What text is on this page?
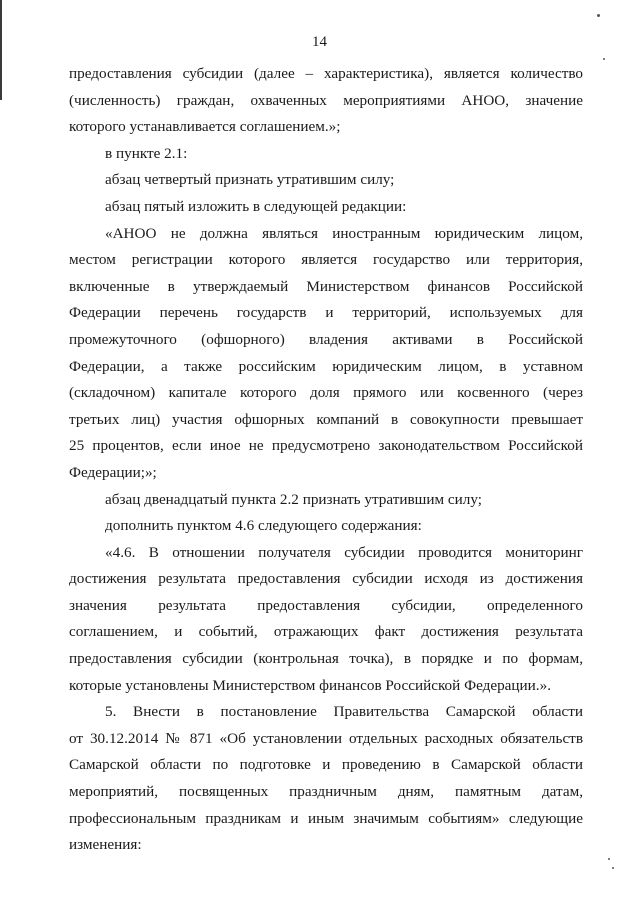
14

предоставления субсидии (далее – характеристика), является количество

(численность) граждан, охваченных мероприятиями АНОО, значение

которого устанавливается соглашением.»;

в пункте 2.1:

абзац четвертый признать утратившим силу;

абзац пятый изложить в следующей редакции:

«АНОО не должна являться иностранным юридическим лицом,

местом регистрации которого является государство или территория,

включенные в утверждаемый Министерством финансов Российской

Федерации перечень государств и территорий, используемых для

промежуточного (офшорного) владения активами в Российской

Федерации, а также российским юридическим лицом, в уставном

(складочном) капитале которого доля прямого или косвенного (через

третьих лиц) участия офшорных компаний в совокупности превышает

25 процентов, если иное не предусмотрено законодательством Российской

Федерации;»;

абзац двенадцатый пункта 2.2 признать утратившим силу;

дополнить пунктом 4.6 следующего содержания:

«4.6. В отношении получателя субсидии проводится мониторинг

достижения результата предоставления субсидии исходя из достижения

значения результата предоставления субсидии, определенного

соглашением, и событий, отражающих факт достижения результата

предоставления субсидии (контрольная точка), в порядке и по формам,

которые установлены Министерством финансов Российской Федерации.».

5. Внести в постановление Правительства Самарской области

от 30.12.2014 № 871 «Об установлении отдельных расходных обязательств

Самарской области по подготовке и проведению в Самарской области

мероприятий, посвященных праздничным дням, памятным датам,

профессиональным праздникам и иным значимым событиям» следующие

изменения:
